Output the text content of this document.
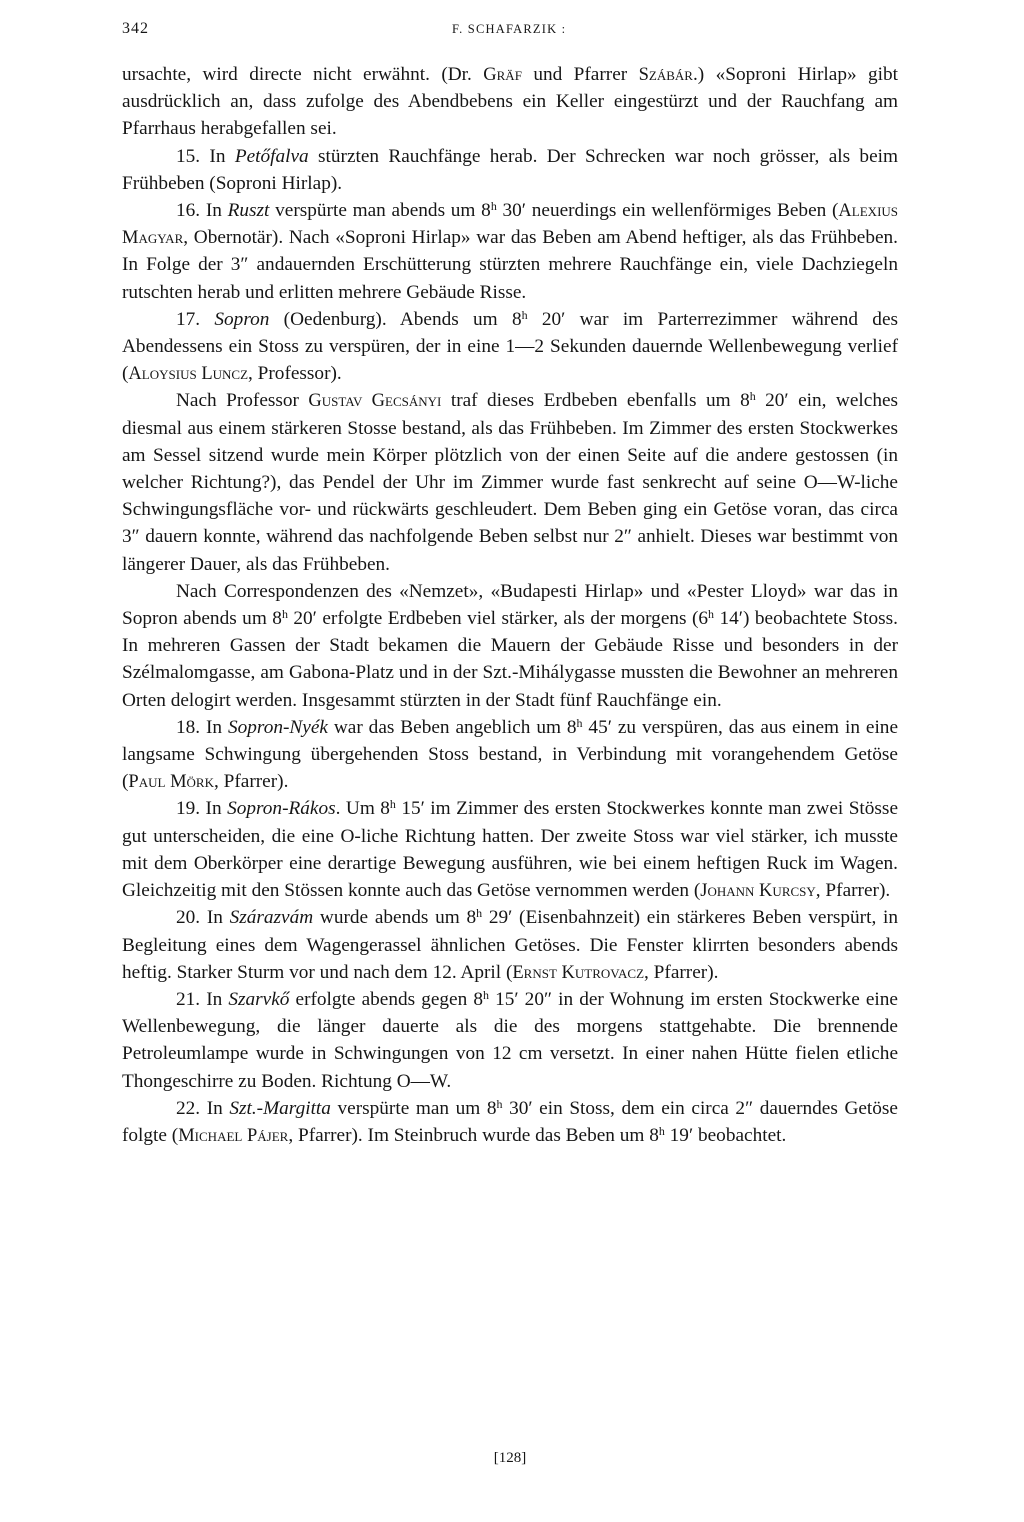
342	F. SCHAFARZIK :

ursachte, wird directe nicht erwähnt. (Dr. Gräf und Pfarrer Szábár.) «Soproni Hirlap» gibt ausdrücklich an, dass zufolge des Abendbebens ein Keller eingestürzt und der Rauchfang am Pfarrhaus herabgefallen sei.

15. In Petőfalva stürzten Rauchfänge herab. Der Schrecken war noch grösser, als beim Frühbeben (Soproni Hirlap).

16. In Ruszt verspürte man abends um 8$^h$ 30′ neuerdings ein wellenförmiges Beben (Alexius Magyar, Obernotär). Nach «Soproni Hirlap» war das Beben am Abend heftiger, als das Frühbeben. In Folge der 3″ andauernden Erschütterung stürzten mehrere Rauchfänge ein, viele Dachziegeln rutschten herab und erlitten mehrere Gebäude Risse.

17. Sopron (Oedenburg). Abends um 8$^h$ 20′ war im Parterrezimmer während des Abendessens ein Stoss zu verspüren, der in eine 1—2 Sekunden dauernde Wellenbewegung verlief (Aloysius Luncz, Professor).

Nach Professor Gustav Gecsányi traf dieses Erdbeben ebenfalls um 8$^h$ 20′ ein, welches diesmal aus einem stärkeren Stosse bestand, als das Frühbeben. Im Zimmer des ersten Stockwerkes am Sessel sitzend wurde mein Körper plötzlich von der einen Seite auf die andere gestossen (in welcher Richtung?), das Pendel der Uhr im Zimmer wurde fast senkrecht auf seine O—W-liche Schwingungsfläche vor- und rückwärts geschleudert. Dem Beben ging ein Getöse voran, das circa 3″ dauern konnte, während das nachfolgende Beben selbst nur 2″ anhielt. Dieses war bestimmt von längerer Dauer, als das Frühbeben.

Nach Correspondenzen des «Nemzet», «Budapesti Hirlap» und «Pester Lloyd» war das in Sopron abends um 8$^h$ 20′ erfolgte Erdbeben viel stärker, als der morgens (6$^h$ 14′) beobachtete Stoss. In mehreren Gassen der Stadt bekamen die Mauern der Gebäude Risse und besonders in der Szélmalomgasse, am Gabona-Platz und in der Szt.-Mihálygasse mussten die Bewohner an mehreren Orten delogirt werden. Insgesammt stürzten in der Stadt fünf Rauchfänge ein.

18. In Sopron-Nyék war das Beben angeblich um 8$^h$ 45′ zu verspüren, das aus einem in eine langsame Schwingung übergehenden Stoss bestand, in Verbindung mit vorangehendem Getöse (Paul Mörk, Pfarrer).

19. In Sopron-Rákos. Um 8$^h$ 15′ im Zimmer des ersten Stockwerkes konnte man zwei Stösse gut unterscheiden, die eine O-liche Richtung hatten. Der zweite Stoss war viel stärker, ich musste mit dem Oberkörper eine derartige Bewegung ausführen, wie bei einem heftigen Ruck im Wagen. Gleichzeitig mit den Stössen konnte auch das Getöse vernommen werden (Johann Kurcsy, Pfarrer).

20. In Szárazvám wurde abends um 8$^h$ 29′ (Eisenbahnzeit) ein stärkeres Beben verspürt, in Begleitung eines dem Wagengerassel ähnlichen Getöses. Die Fenster klirrten besonders abends heftig. Starker Sturm vor und nach dem 12. April (Ernst Kutrovacz, Pfarrer).

21. In Szarvkő erfolgte abends gegen 8$^h$ 15′ 20″ in der Wohnung im ersten Stockwerke eine Wellenbewegung, die länger dauerte als die des morgens stattgehabte. Die brennende Petroleumlampe wurde in Schwingungen von 12 cm versetzt. In einer nahen Hütte fielen etliche Thongeschirre zu Boden. Richtung O—W.

22. In Szt.-Margitta verspürte man um 8$^h$ 30′ ein Stoss, dem ein circa 2″ dauerndes Getöse folgte (Michael Pájer, Pfarrer). Im Steinbruch wurde das Beben um 8$^h$ 19′ beobachtet.

[128]
